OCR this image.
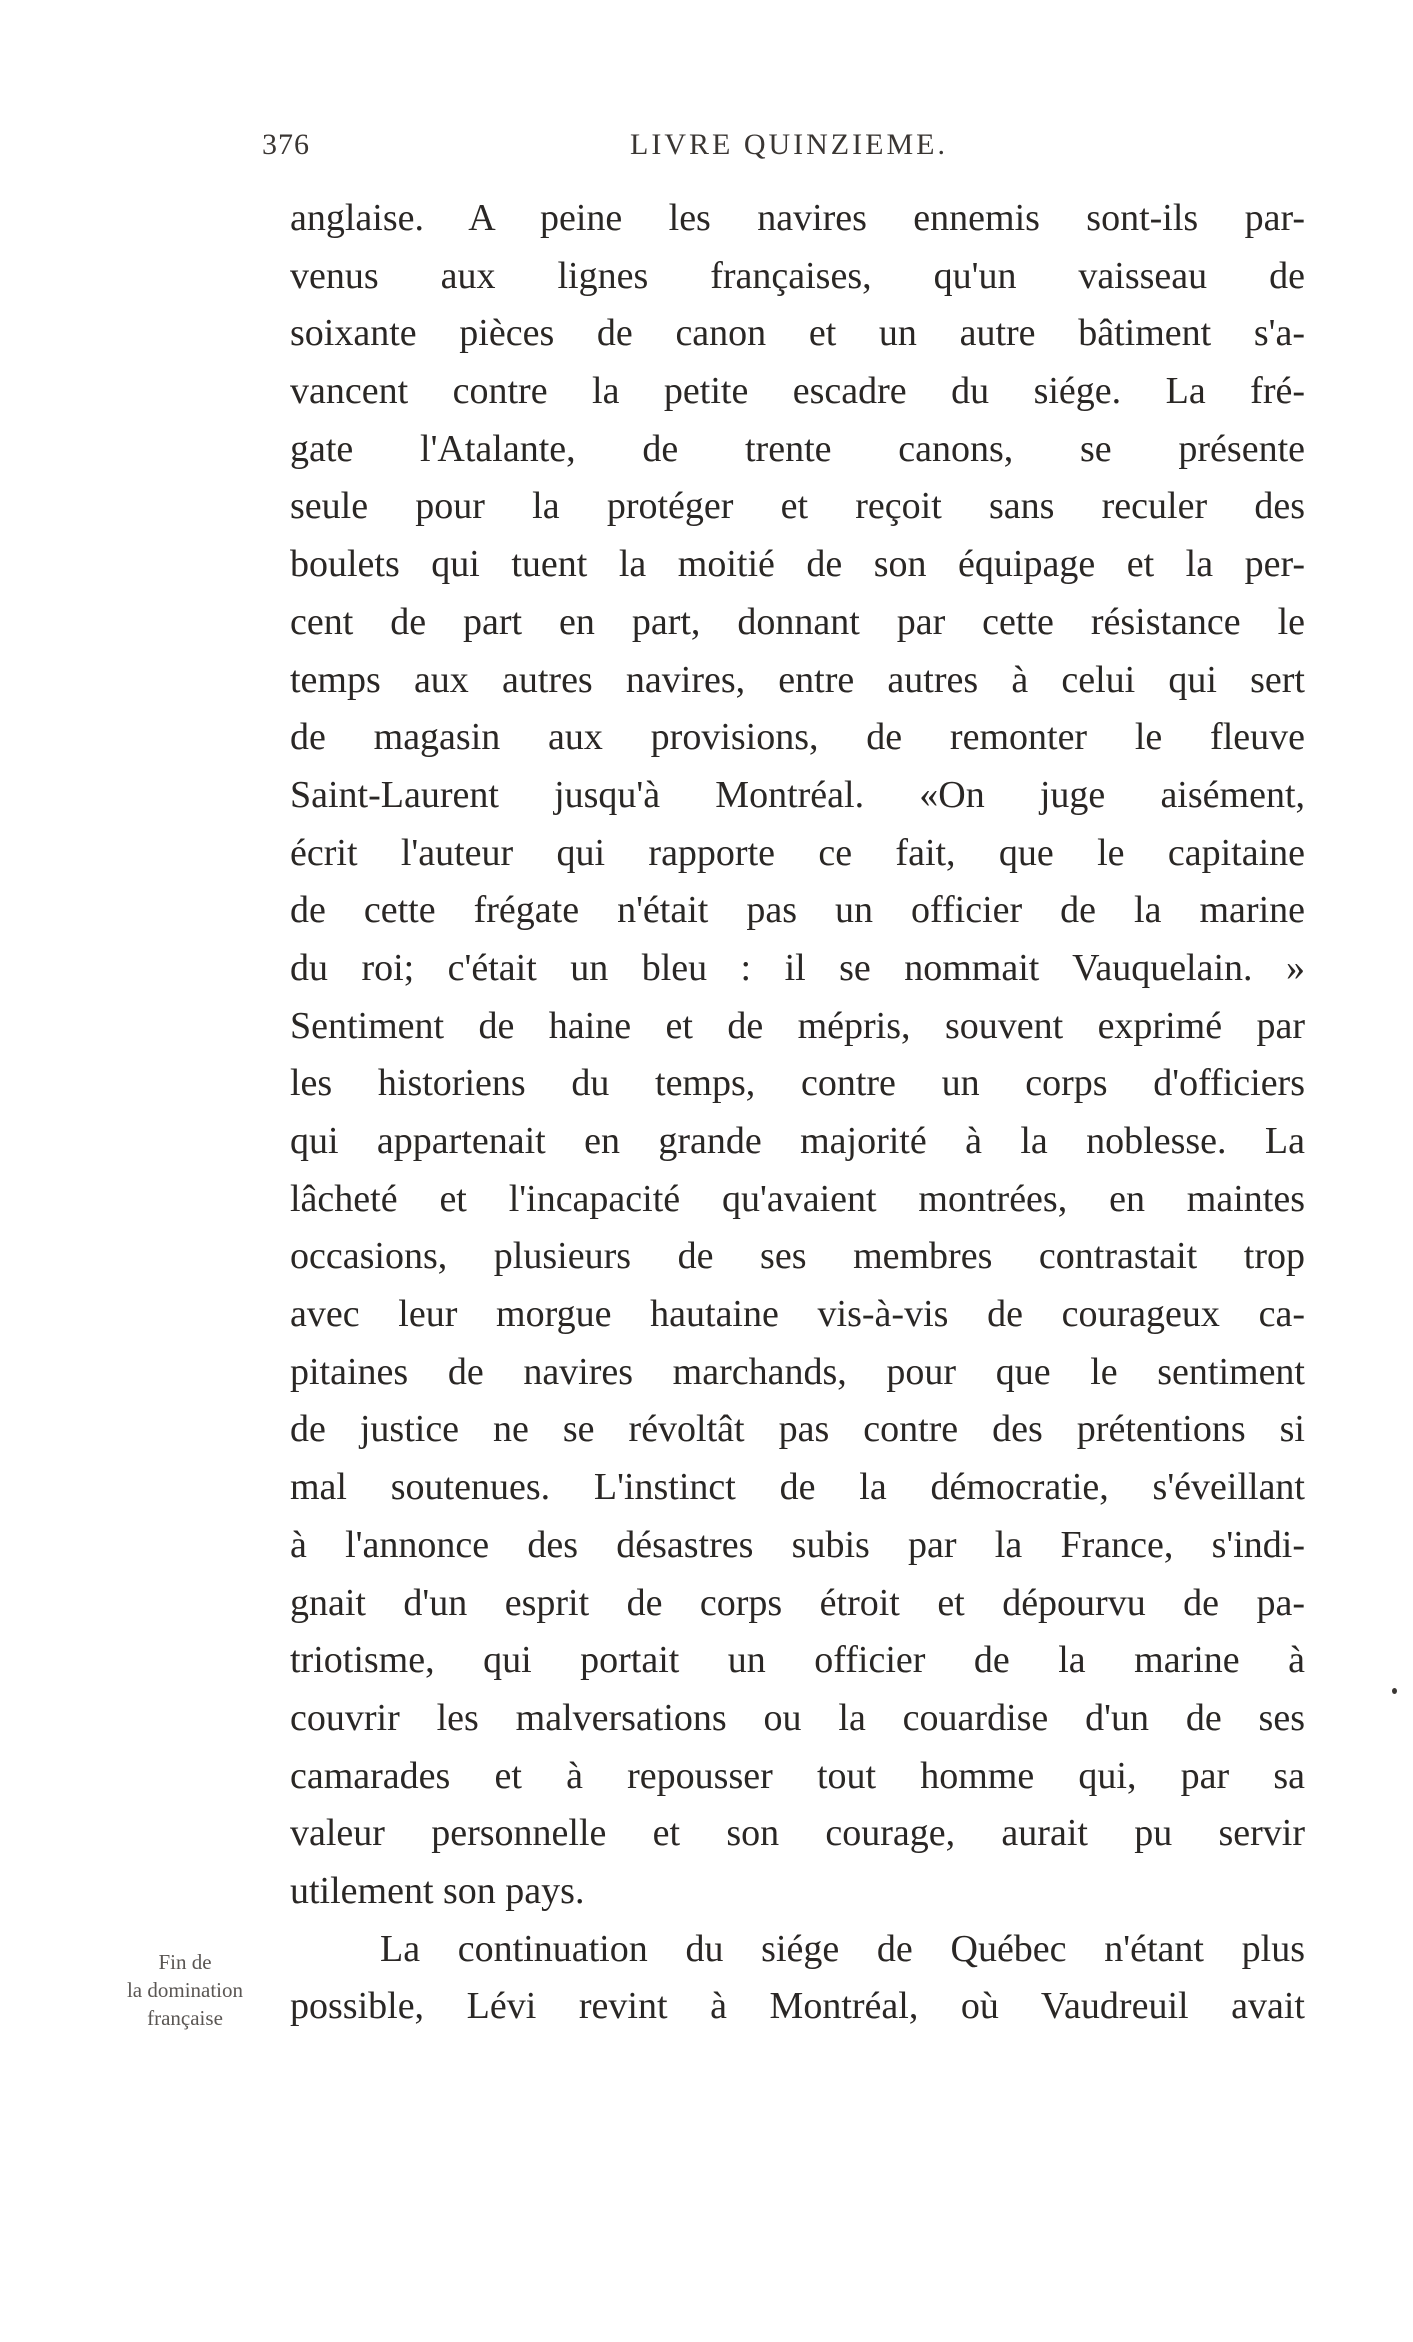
376	LIVRE QUINZIEME.
anglaise. A peine les navires ennemis sont-ils par-
venus aux lignes françaises, qu'un vaisseau de
soixante pièces de canon et un autre bâtiment s'a-
vancent contre la petite escadre du siége. La fré-
gate l'Atalante, de trente canons, se présente
seule pour la protéger et reçoit sans reculer des
boulets qui tuent la moitié de son équipage et la per-
cent de part en part, donnant par cette résistance le
temps aux autres navires, entre autres à celui qui sert
de magasin aux provisions, de remonter le fleuve
Saint-Laurent jusqu'à Montréal. «On juge aisément,
écrit l'auteur qui rapporte ce fait, que le capitaine
de cette frégate n'était pas un officier de la marine
du roi; c'était un bleu : il se nommait Vauquelain. »
Sentiment de haine et de mépris, souvent exprimé par
les historiens du temps, contre un corps d'officiers
qui appartenait en grande majorité à la noblesse. La
lâcheté et l'incapacité qu'avaient montrées, en maintes
occasions, plusieurs de ses membres contrastait trop
avec leur morgue hautaine vis-à-vis de courageux ca-
pitaines de navires marchands, pour que le sentiment
de justice ne se révoltât pas contre des prétentions si
mal soutenues. L'instinct de la démocratie, s'éveillant
à l'annonce des désastres subis par la France, s'indi-
gnait d'un esprit de corps étroit et dépourvu de pa-
triotisme, qui portait un officier de la marine à
couvrir les malversations ou la couardise d'un de ses
camarades et à repousser tout homme qui, par sa
valeur personnelle et son courage, aurait pu servir
utilement son pays.
La continuation du siége de Québec n'étant plus
possible, Lévi revint à Montréal, où Vaudreuil avait
Fin de
la domination
française
